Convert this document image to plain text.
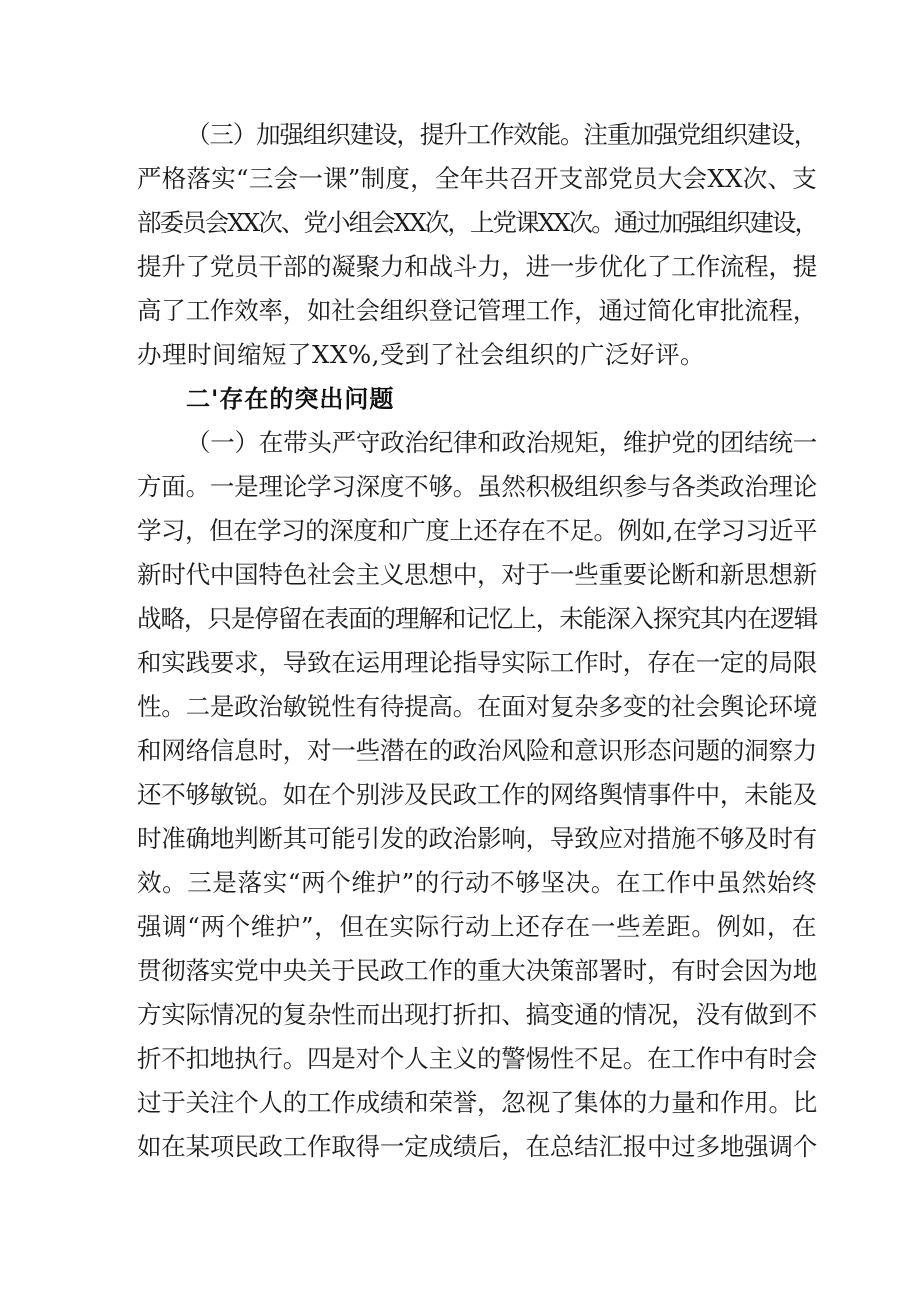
（三）加强组织建设，提升工作效能。注重加强党组织建设，
严格落实“三会一课”制度，全年共召开支部党员大会XX次、支
部委员会XX次、党小组会XX次，上党课XX次。通过加强组织建设，
提升了党员干部的凝聚力和战斗力，进一步优化了工作流程，提
高了工作效率，如社会组织登记管理工作，通过简化审批流程，
办理时间缩短了XX%,受到了社会组织的广泛好评。
二'存在的突出问题
（一）在带头严守政治纪律和政治规矩，维护党的团结统一
方面。一是理论学习深度不够。虽然积极组织参与各类政治理论
学习，但在学习的深度和广度上还存在不足。例如,在学习习近平
新时代中国特色社会主义思想中，对于一些重要论断和新思想新
战略，只是停留在表面的理解和记忆上，未能深入探究其内在逻辑
和实践要求，导致在运用理论指导实际工作时，存在一定的局限
性。二是政治敏锐性有待提高。在面对复杂多变的社会舆论环境
和网络信息时，对一些潜在的政治风险和意识形态问题的洞察力
还不够敏锐。如在个别涉及民政工作的网络舆情事件中，未能及
时准确地判断其可能引发的政治影响，导致应对措施不够及时有
效。三是落实“两个维护”的行动不够坚决。在工作中虽然始终
强调“两个维护”，但在实际行动上还存在一些差距。例如，在
贯彻落实党中央关于民政工作的重大决策部署时，有时会因为地
方实际情况的复杂性而出现打折扣、搞变通的情况，没有做到不
折不扣地执行。四是对个人主义的警惕性不足。在工作中有时会
过于关注个人的工作成绩和荣誉，忽视了集体的力量和作用。比
如在某项民政工作取得一定成绩后，在总结汇报中过多地强调个
